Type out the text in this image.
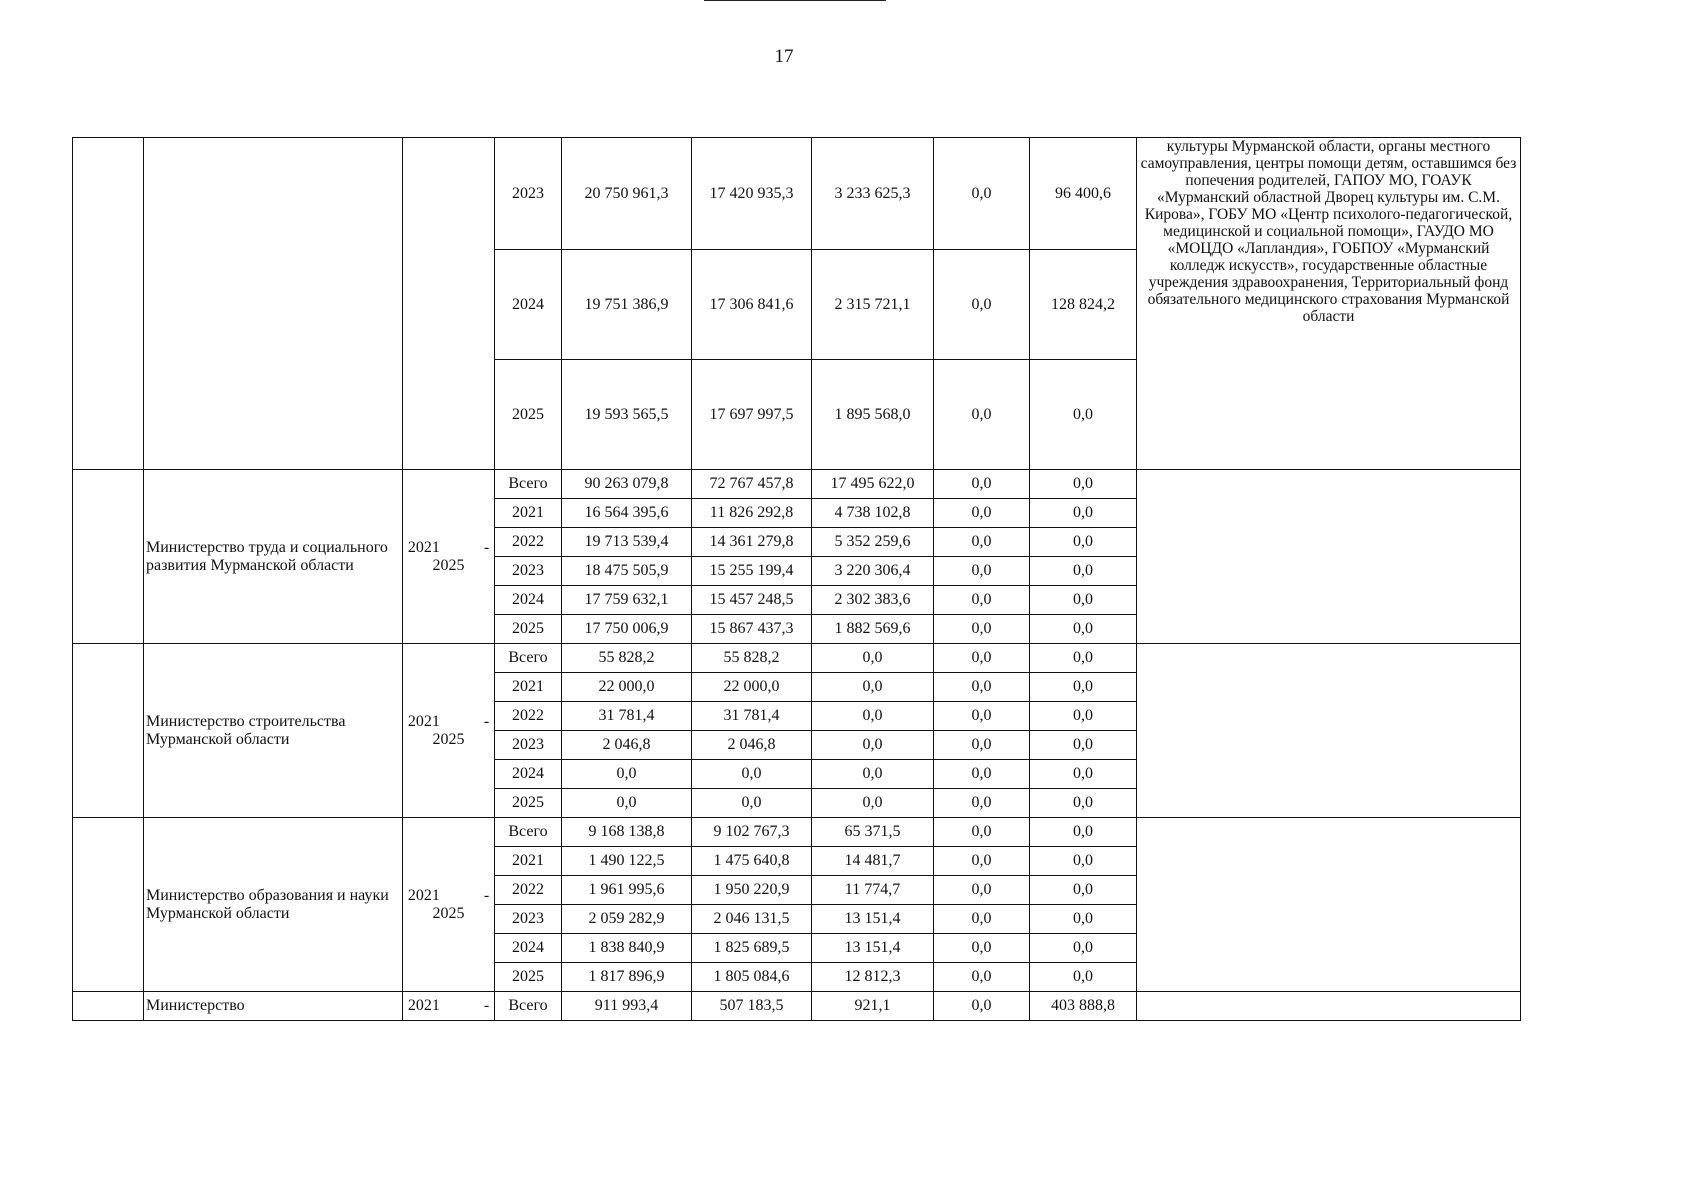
17
			2023	20 750 961,3	17 420 935,3	3 233 625,3	0,0	96 400,6	культуры Мурманской области, органы местного самоуправления, центры помощи детям, оставшимся без попечения родителей, ГАПОУ МО, ГОАУК «Мурманский областной Дворец культуры им. С.М. Кирова», ГОБУ МО «Центр психолого-педагогической, медицинской и социальной помощи», ГАУДО МО «МОЦДО «Лапландия», ГОБПОУ «Мурманский колледж искусств», государственные областные учреждения здравоохранения, Территориальный фонд обязательного медицинского страхования Мурманской области
			2024	19 751 386,9	17 306 841,6	2 315 721,1	0,0	128 824,2	
			2025	19 593 565,5	17 697 997,5	1 895 568,0	0,0	0,0	
	Министерство труда и социального развития Мурманской области	2021 - 2025	Всего	90 263 079,8	72 767 457,8	17 495 622,0	0,0	0,0	
			2021	16 564 395,6	11 826 292,8	4 738 102,8	0,0	0,0	
			2022	19 713 539,4	14 361 279,8	5 352 259,6	0,0	0,0	
			2023	18 475 505,9	15 255 199,4	3 220 306,4	0,0	0,0	
			2024	17 759 632,1	15 457 248,5	2 302 383,6	0,0	0,0	
			2025	17 750 006,9	15 867 437,3	1 882 569,6	0,0	0,0	
	Министерство строительства Мурманской области	2021 - 2025	Всего	55 828,2	55 828,2	0,0	0,0	0,0	
			2021	22 000,0	22 000,0	0,0	0,0	0,0	
			2022	31 781,4	31 781,4	0,0	0,0	0,0	
			2023	2 046,8	2 046,8	0,0	0,0	0,0	
			2024	0,0	0,0	0,0	0,0	0,0	
			2025	0,0	0,0	0,0	0,0	0,0	
	Министерство образования и науки Мурманской области	2021 - 2025	Всего	9 168 138,8	9 102 767,3	65 371,5	0,0	0,0	
			2021	1 490 122,5	1 475 640,8	14 481,7	0,0	0,0	
			2022	1 961 995,6	1 950 220,9	11 774,7	0,0	0,0	
			2023	2 059 282,9	2 046 131,5	13 151,4	0,0	0,0	
			2024	1 838 840,9	1 825 689,5	13 151,4	0,0	0,0	
			2025	1 817 896,9	1 805 084,6	12 812,3	0,0	0,0	
	Министерство	2021 -	Всего	911 993,4	507 183,5	921,1	0,0	403 888,8	
